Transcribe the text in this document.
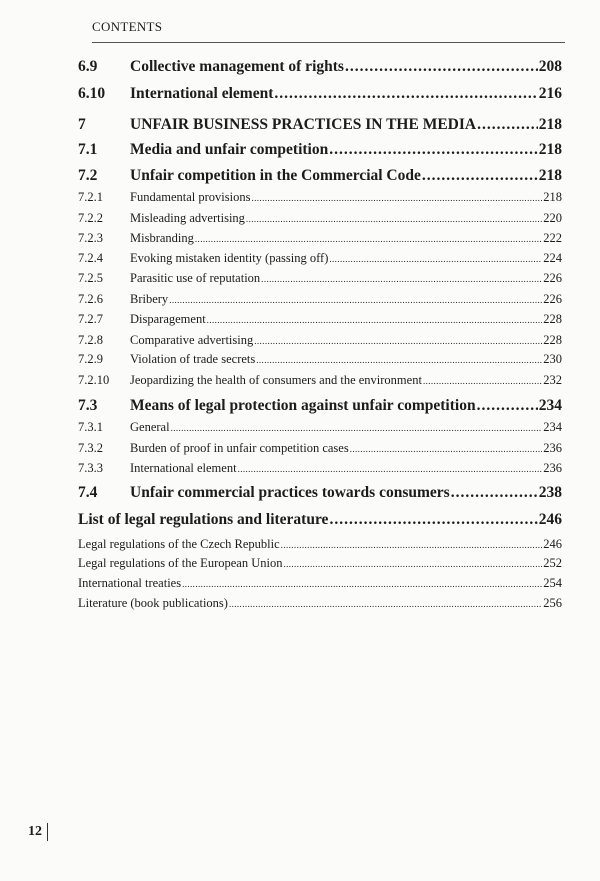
CONTENTS
6.9	Collective management of rights .....	208
6.10	International element .....	216
7	UNFAIR BUSINESS PRACTICES IN THE MEDIA .....	218
7.1	Media and unfair competition .....	218
7.2	Unfair competition in the Commercial Code .....	218
7.2.1	Fundamental provisions .....	218
7.2.2	Misleading advertising .....	220
7.2.3	Misbranding .....	222
7.2.4	Evoking mistaken identity (passing off) .....	224
7.2.5	Parasitic use of reputation .....	226
7.2.6	Bribery .....	226
7.2.7	Disparagement .....	228
7.2.8	Comparative advertising .....	228
7.2.9	Violation of trade secrets .....	230
7.2.10	Jeopardizing the health of consumers and the environment .....	232
7.3	Means of legal protection against unfair competition .....	234
7.3.1	General .....	234
7.3.2	Burden of proof in unfair competition cases .....	236
7.3.3	International element .....	236
7.4	Unfair commercial practices towards consumers .....	238
List of legal regulations and literature .....	246
Legal regulations of the Czech Republic .....	246
Legal regulations of the European Union .....	252
International treaties .....	254
Literature (book publications) .....	256
12
